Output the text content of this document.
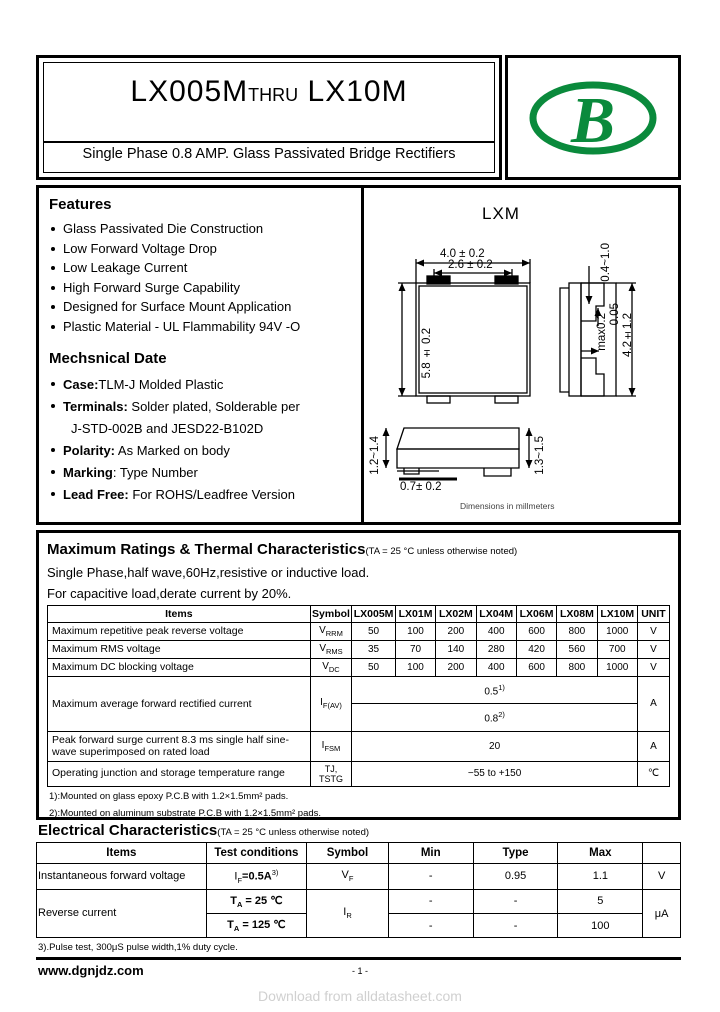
LX005MTHRU LX10M
Single Phase 0.8 AMP. Glass Passivated Bridge Rectifiers	B
Features
Glass Passivated Die Construction
Low Forward Voltage Drop
Low Leakage Current
High Forward Surge Capability
Designed for Surface Mount Application
Plastic Material - UL Flammability 94V -O
Mechsnical Date
Case:TLM-J Molded Plastic
Terminals: Solder plated, Solderable per
J-STD-002B and JESD22-B102D
Polarity: As Marked on body
Marking: Type Number
Lead Free: For ROHS/Leadfree Version
LXM
4.0 ± 0.2
2.6 ± 0.2
5.8 ± 0.2
0.4~1.0
0.05
max0.2 4.2±1.2
1.2~1.4	1.3~1.5
0.7± 0.2
Dimensions in millmeters
Maximum Ratings & Thermal Characteristics(TA = 25 °C unless otherwise noted)
Single Phase,half wave,60Hz,resistive or inductive load.
For capacitive load,derate current by 20%.
Items	Symbol	LX005M	LX01M	LX02M	LX04M	LX06M	LX08M	LX10M	UNIT
Maximum repetitive peak reverse voltage	$V_{RRM}$	50	100	200	400	600	800	1000	V
Maximum RMS voltage	$V_{RMS}$	35	70	140	280	420	560	700	V
Maximum DC blocking voltage	$V_{DC}$	50	100	200	400	600	800	1000	V
Maximum average forward rectified current	$I_{F(AV)}$	0.5$^{1)}$							A
		0.8$^{2)}$
Peak forward surge current 8.3 ms single half sine-
wave superimposed on rated load	$I_{FSM}$	20							A
Operating junction and storage temperature range	TJ, TSTG	−55 to +150							℃
1):Mounted on glass epoxy P.C.B with 1.2×1.5mm² pads.
2):Mounted on aluminum substrate P.C.B with 1.2×1.5mm² pads.
Electrical Characteristics(TA = 25 °C unless otherwise noted)
Items	Test conditions	Symbol	Min	Type	Max	
Instantaneous forward voltage	$I_F=0.5A^{3)}$	$V_F$	-	0.95	1.1	V
Reverse current	$T_A = 25$ ℃	$I_R$	-	-	5	μA
	$T_A = 125$ ℃		-	-	100	
3).Pulse test, 300μS pulse width,1% duty cycle.
www.dgnjdz.com	- 1 -
Download from alldatasheet.com
